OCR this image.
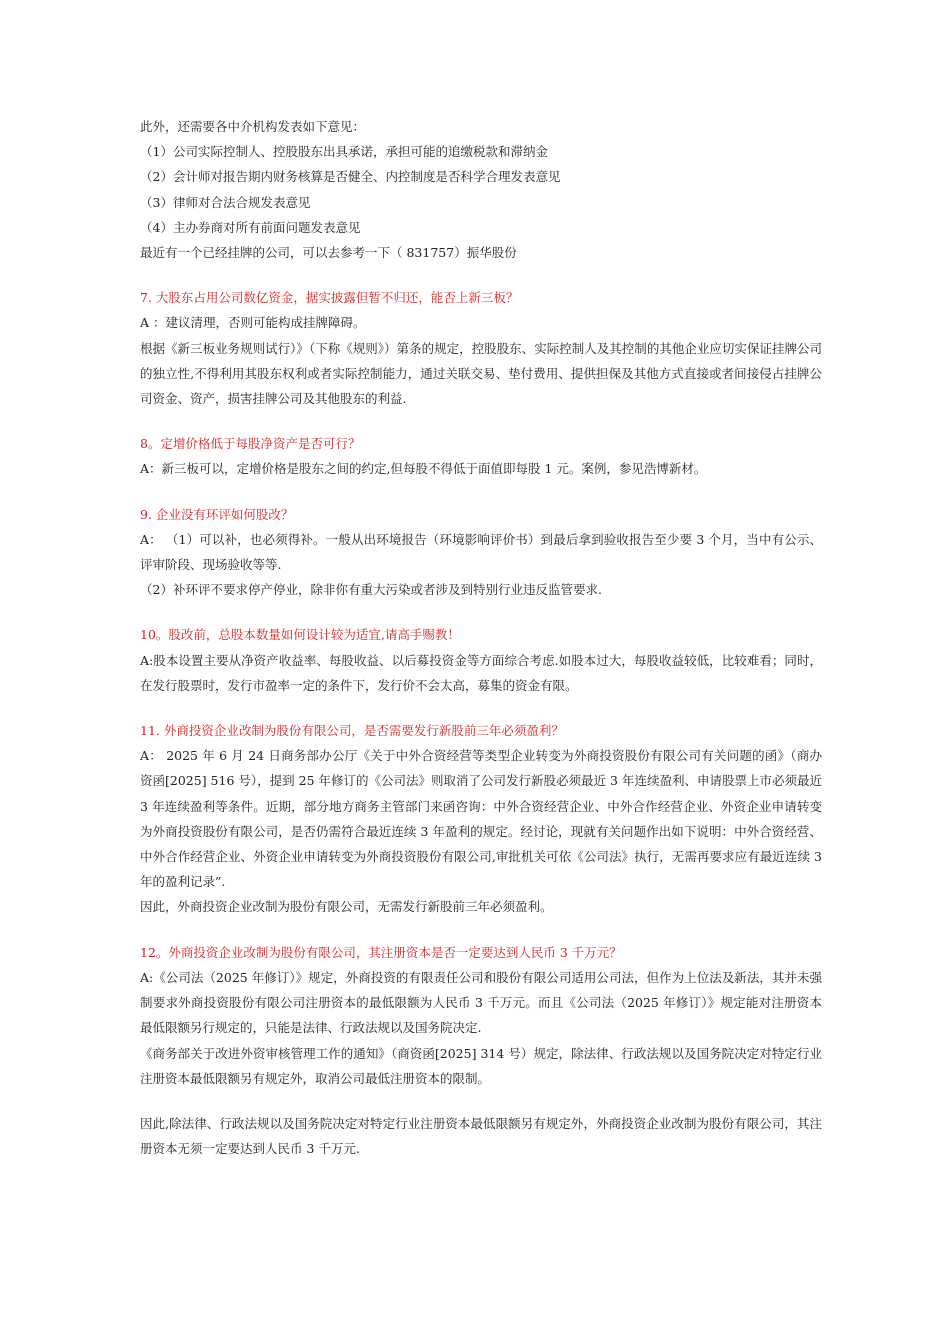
此外，还需要各中介机构发表如下意见：

（1）公司实际控制人、控股股东出具承诺，承担可能的追缴税款和滞纳金

（2）会计师对报告期内财务核算是否健全、内控制度是否科学合理发表意见

（3）律师对合法合规发表意见

（4）主办券商对所有前面问题发表意见

最近有一个已经挂牌的公司，可以去参考一下（ 831757）振华股份

7. 大股东占用公司数亿资金，据实披露但暂不归还，能否上新三板？

A ：建议清理，否则可能构成挂牌障碍。

根据《新三板业务规则试行）》（下称《规则》）第条的规定，控股股东、实际控制人及其控制的其他企业应切实保证挂牌公司的独立性,不得利用其股东权利或者实际控制能力，通过关联交易、垫付费用、提供担保及其他方式直接或者间接侵占挂牌公司资金、资产，损害挂牌公司及其他股东的利益.

8。定增价格低于每股净资产是否可行？

A：新三板可以，定增价格是股东之间的约定,但每股不得低于面值即每股 1 元。案例，参见浩博新材。

9. 企业没有环评如何股改？

A： （1）可以补，也必须得补。一般从出环境报告（环境影响评价书）到最后拿到验收报告至少要 3 个月，当中有公示、评审阶段、现场验收等等.

（2）补环评不要求停产停业，除非你有重大污染或者涉及到特别行业违反监管要求.

10。股改前，总股本数量如何设计较为适宜,请高手赐教！

A:股本设置主要从净资产收益率、每股收益、以后募投资金等方面综合考虑.如股本过大，每股收益较低，比较难看；同时，在发行股票时，发行市盈率一定的条件下，发行价不会太高，募集的资金有限。

11. 外商投资企业改制为股份有限公司，是否需要发行新股前三年必须盈利？

A： 2025 年 6 月 24 日商务部办公厅《关于中外合资经营等类型企业转变为外商投资股份有限公司有关问题的函》（商办资函[2025] 516 号），提到 25 年修订的《公司法》则取消了公司发行新股必须最近 3 年连续盈利、申请股票上市必须最近 3 年连续盈利等条件。近期，部分地方商务主管部门来函咨询：中外合资经营企业、中外合作经营企业、外资企业申请转变为外商投资股份有限公司，是否仍需符合最近连续 3 年盈利的规定。经讨论，现就有关问题作出如下说明：中外合资经营、中外合作经营企业、外资企业申请转变为外商投资股份有限公司,审批机关可依《公司法》执行，无需再要求应有最近连续 3 年的盈利记录”.

因此，外商投资企业改制为股份有限公司，无需发行新股前三年必须盈利。

12。外商投资企业改制为股份有限公司，其注册资本是否一定要达到人民币 3 千万元？

A:《公司法（2025 年修订）》规定，外商投资的有限责任公司和股份有限公司适用公司法，但作为上位法及新法，其并未强制要求外商投资股份有限公司注册资本的最低限额为人民币 3 千万元。而且《公司法（2025 年修订）》规定能对注册资本最低限额另行规定的，只能是法律、行政法规以及国务院决定.

《商务部关于改进外资审核管理工作的通知》（商资函[2025] 314 号）规定，除法律、行政法规以及国务院决定对特定行业注册资本最低限额另有规定外，取消公司最低注册资本的限制。

因此,除法律、行政法规以及国务院决定对特定行业注册资本最低限额另有规定外，外商投资企业改制为股份有限公司，其注册资本无须一定要达到人民币 3 千万元.
